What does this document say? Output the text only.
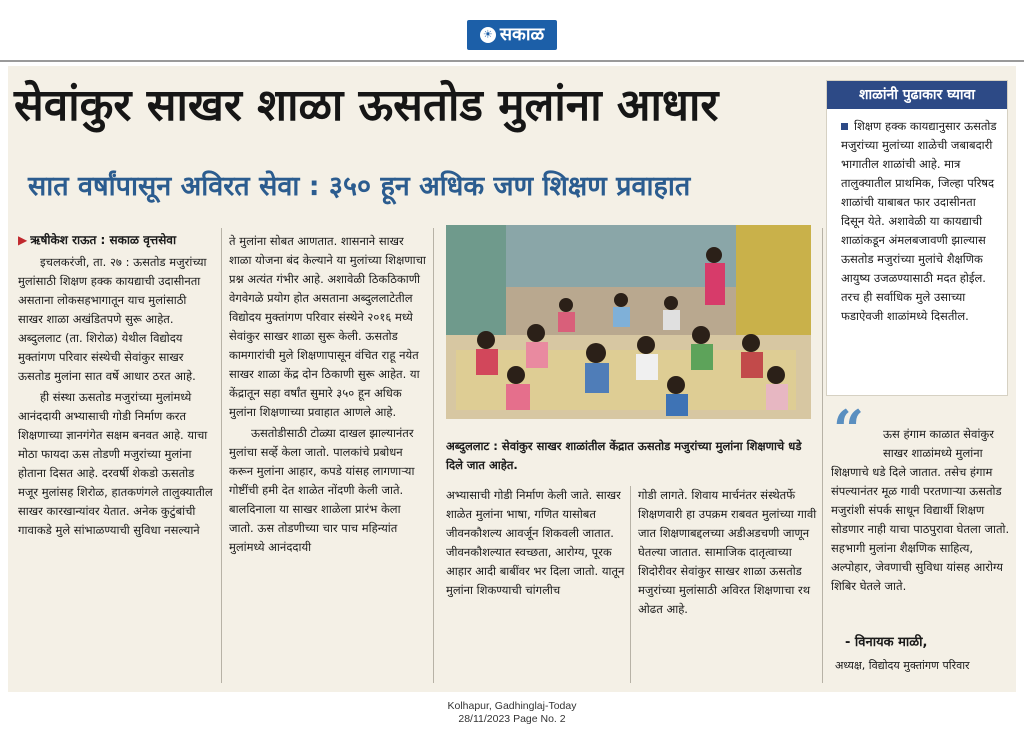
☀ सकाळ
सेवांकुर साखर शाळा ऊसतोड मुलांना आधार
सात वर्षांपासून अविरत सेवा : ३५० हून अधिक जण शिक्षण प्रवाहात
▶ ऋषीकेश राऊत : सकाळ वृत्तसेवा

इचलकरंजी, ता. २७ : ऊसतोड मजुरांच्या मुलांसाठी शिक्षण हक्क कायद्याची उदासीनता असताना लोकसहभागातून याच मुलांसाठी साखर शाळा अखंडितपणे सुरू आहेत. अब्दुललाट (ता. शिरोळ) येथील विद्योदय मुक्तांगण परिवार संस्थेची सेवांकुर साखर ऊसतोड मुलांना सात वर्षे आधार ठरत आहे.

ही संस्था ऊसतोड मजुरांच्या मुलांमध्ये आनंददायी अभ्यासाची गोडी निर्माण करत शिक्षणाच्या ज्ञानगंगेत सक्षम बनवत आहे. याचा मोठा फायदा ऊस तोडणी मजुरांच्या मुलांना होताना दिसत आहे. दरवर्षी शेकडो ऊसतोड मजूर मुलांसह शिरोळ, हातकणंगले तालुक्यातील साखर कारखान्यांवर येतात. अनेक कुटुंबांची गावाकडे मुले सांभाळण्याची सुविधा नसल्याने

ते मुलांना सोबत आणतात. शासनाने साखर शाळा योजना बंद केल्याने या मुलांच्या शिक्षणाचा प्रश्न अत्यंत गंभीर आहे. अशावेळी ठिकठिकाणी वेगवेगळे प्रयोग होत असताना अब्दुललाटेतील विद्योदय मुक्तांगण परिवार संस्थेने २०१६ मध्ये सेवांकुर साखर शाळा सुरू केली. ऊसतोड कामगारांची मुले शिक्षणापासून वंचित राहू नयेत साखर शाळा केंद्र दोन ठिकाणी सुरू आहेत. या केंद्रातून सहा वर्षांत सुमारे ३५० हून अधिक मुलांना शिक्षणाच्या प्रवाहात आणले आहे.

ऊसतोडीसाठी टोळ्या दाखल झाल्यानंतर मुलांचा सर्व्हे केला जातो. पालकांचे प्रबोधन करून मुलांना आहार, कपडे यांसह लागणाऱ्या गोष्टींची हमी देत शाळेत नोंदणी केली जाते. बालदिनाला या साखर शाळेला प्रारंभ केला जातो. ऊस तोडणीच्या चार पाच महिन्यांत मुलांमध्ये आनंददायी

अब्दुललाट : सेवांकुर साखर शाळांतील केंद्रात ऊसतोड मजुरांच्या मुलांना शिक्षणाचे धडे दिले जात आहेत.

अभ्यासाची गोडी निर्माण केली जाते. साखर शाळेत मुलांना भाषा, गणित यासोबत जीवनकौशल्य आवर्जून शिकवली जातात. जीवनकौशल्यात स्वच्छता, आरोग्य, पूरक आहार आदी बाबींवर भर दिला जातो. यातून मुलांना शिकण्याची चांगलीच

गोडी लागते. शिवाय मार्चनंतर संस्थेतर्फे शिक्षणवारी हा उपक्रम राबवत मुलांच्या गावी जात शिक्षणाबद्दलच्या अडीअडचणी जाणून घेतल्या जातात. सामाजिक दातृत्वाच्या शिदोरीवर सेवांकुर साखर शाळा ऊसतोड मजुरांच्या मुलांसाठी अविरत शिक्षणाचा रथ ओढत आहे.

शाळांनी पुढाकार घ्यावा
शिक्षण हक्क कायद्यानुसार ऊसतोड मजुरांच्या मुलांच्या शाळेची जबाबदारी भागातील शाळांची आहे. मात्र तालुक्यातील प्राथमिक, जिल्हा परिषद शाळांची याबाबत फार उदासीनता दिसून येते. अशावेळी या कायद्याची शाळांकडून अंमलबजावणी झाल्यास ऊसतोड मजुरांच्या मुलांचे शैक्षणिक आयुष्य उजळण्यासाठी मदत होईल. तरच ही सर्वाधिक मुले उसाच्या फडाऐवजी शाळांमध्ये दिसतील.
“	ऊस हंगाम काळात सेवांकुर साखर शाळांमध्ये मुलांना
शिक्षणाचे धडे दिले जातात. तसेच हंगाम संपल्यानंतर मूळ गावी परतणाऱ्या ऊसतोड मजुरांशी संपर्क साधून विद्यार्थी शिक्षण सोडणार नाही याचा पाठपुरावा घेतला जातो. सहभागी मुलांना शैक्षणिक साहित्य, अल्पोहार, जेवणाची सुविधा यांसह आरोग्य शिबिर घेतले जाते.
- विनायक माळी,
अध्यक्ष, विद्योदय मुक्तांगण परिवार
Kolhapur, Gadhinglaj-Today
28/11/2023 Page No. 2
